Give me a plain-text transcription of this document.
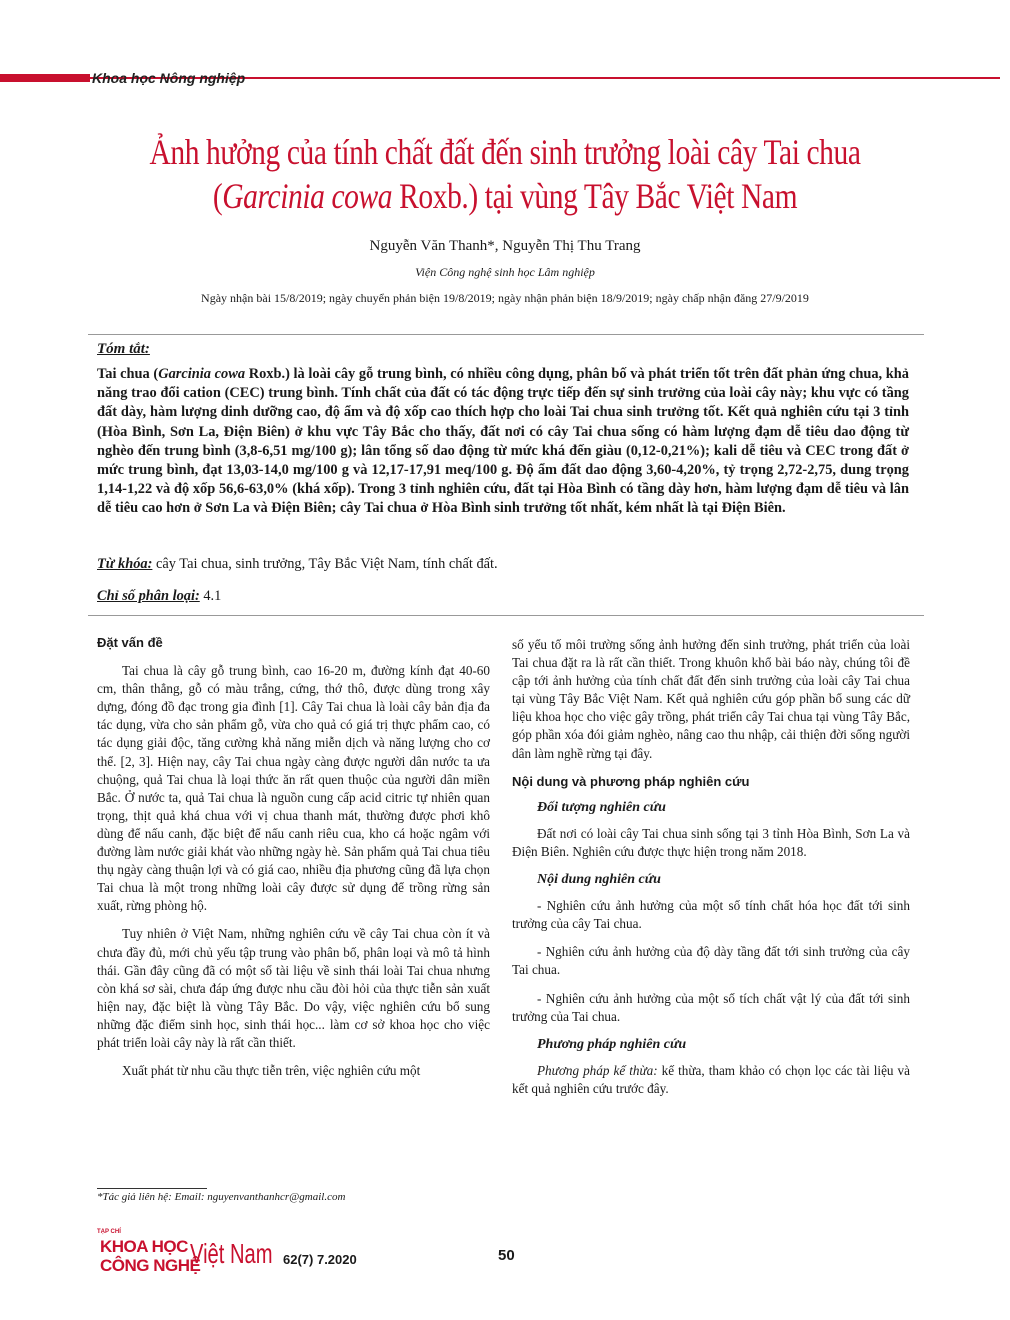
Khoa học Nông nghiệp
Ảnh hưởng của tính chất đất đến sinh trưởng loài cây Tai chua
(Garcinia cowa Roxb.) tại vùng Tây Bắc Việt Nam
Nguyễn Văn Thanh*, Nguyễn Thị Thu Trang
Viện Công nghệ sinh học Lâm nghiệp
Ngày nhận bài 15/8/2019; ngày chuyển phản biện 19/8/2019; ngày nhận phản biện 18/9/2019; ngày chấp nhận đăng 27/9/2019
Tóm tắt:
Tai chua (Garcinia cowa Roxb.) là loài cây gỗ trung bình, có nhiều công dụng, phân bố và phát triển tốt trên đất phản ứng chua, khả năng trao đổi cation (CEC) trung bình. Tính chất của đất có tác động trực tiếp đến sự sinh trưởng của loài cây này; khu vực có tầng đất dày, hàm lượng dinh dưỡng cao, độ ẩm và độ xốp cao thích hợp cho loài Tai chua sinh trưởng tốt. Kết quả nghiên cứu tại 3 tỉnh (Hòa Bình, Sơn La, Điện Biên) ở khu vực Tây Bắc cho thấy, đất nơi có cây Tai chua sống có hàm lượng đạm dễ tiêu dao động từ nghèo đến trung bình (3,8-6,51 mg/100 g); lân tổng số dao động từ mức khá đến giàu (0,12-0,21%); kali dễ tiêu và CEC trong đất ở mức trung bình, đạt 13,03-14,0 mg/100 g và 12,17-17,91 meq/100 g. Độ ẩm đất dao động 3,60-4,20%, tỷ trọng 2,72-2,75, dung trọng 1,14-1,22 và độ xốp 56,6-63,0% (khá xốp). Trong 3 tỉnh nghiên cứu, đất tại Hòa Bình có tầng dày hơn, hàm lượng đạm dễ tiêu và lân dễ tiêu cao hơn ở Sơn La và Điện Biên; cây Tai chua ở Hòa Bình sinh trưởng tốt nhất, kém nhất là tại Điện Biên.
Từ khóa: cây Tai chua, sinh trưởng, Tây Bắc Việt Nam, tính chất đất.
Chỉ số phân loại: 4.1
Đặt vấn đề

Tai chua là cây gỗ trung bình, cao 16-20 m, đường kính đạt 40-60 cm, thân thẳng, gỗ có màu trắng, cứng, thớ thô, được dùng trong xây dựng, đóng đồ đạc trong gia đình [1]. Cây Tai chua là loài cây bản địa đa tác dụng, vừa cho sản phẩm gỗ, vừa cho quả có giá trị thực phẩm cao, có tác dụng giải độc, tăng cường khả năng miễn dịch và năng lượng cho cơ thể. [2, 3]. Hiện nay, cây Tai chua ngày càng được người dân nước ta ưa chuộng, quả Tai chua là loại thức ăn rất quen thuộc của người dân miền Bắc. Ở nước ta, quả Tai chua là nguồn cung cấp acid citric tự nhiên quan trọng, thịt quả khá chua với vị chua thanh mát, thường được phơi khô dùng để nấu canh, đặc biệt để nấu canh riêu cua, kho cá hoặc ngâm với đường làm nước giải khát vào những ngày hè. Sản phẩm quả Tai chua tiêu thụ ngày càng thuận lợi và có giá cao, nhiều địa phương cũng đã lựa chọn Tai chua là một trong những loài cây được sử dụng để trồng rừng sản xuất, rừng phòng hộ.

Tuy nhiên ở Việt Nam, những nghiên cứu về cây Tai chua còn ít và chưa đầy đủ, mới chủ yếu tập trung vào phân bố, phân loại và mô tả hình thái. Gần đây cũng đã có một số tài liệu về sinh thái loài Tai chua nhưng còn khá sơ sài, chưa đáp ứng được nhu cầu đòi hỏi của thực tiễn sản xuất hiện nay, đặc biệt là vùng Tây Bắc. Do vậy, việc nghiên cứu bổ sung những đặc điểm sinh học, sinh thái học... làm cơ sở khoa học cho việc phát triển loài cây này là rất cần thiết.

Xuất phát từ nhu cầu thực tiễn trên, việc nghiên cứu một

số yếu tố môi trường sống ảnh hưởng đến sinh trưởng, phát triển của loài Tai chua đặt ra là rất cần thiết. Trong khuôn khổ bài báo này, chúng tôi đề cập tới ảnh hưởng của tính chất đất đến sinh trưởng của loài cây Tai chua tại vùng Tây Bắc Việt Nam. Kết quả nghiên cứu góp phần bổ sung các dữ liệu khoa học cho việc gây trồng, phát triển cây Tai chua tại vùng Tây Bắc, góp phần xóa đói giảm nghèo, nâng cao thu nhập, cải thiện đời sống người dân làm nghề rừng tại đây.

Nội dung và phương pháp nghiên cứu
Đối tượng nghiên cứu

Đất nơi có loài cây Tai chua sinh sống tại 3 tỉnh Hòa Bình, Sơn La và Điện Biên. Nghiên cứu được thực hiện trong năm 2018.

Nội dung nghiên cứu

- Nghiên cứu ảnh hưởng của một số tính chất hóa học đất tới sinh trưởng của cây Tai chua.

- Nghiên cứu ảnh hưởng của độ dày tầng đất tới sinh trưởng của cây Tai chua.

- Nghiên cứu ảnh hưởng của một số tích chất vật lý của đất tới sinh trưởng của Tai chua.

Phương pháp nghiên cứu

Phương pháp kế thừa: kế thừa, tham khảo có chọn lọc các tài liệu và kết quả nghiên cứu trước đây.

*Tác giả liên hệ: Email: nguyenvanthanhcr@gmail.com
TẠP CHÍ
KHOA HỌC
CÔNG NGHỆ
Việt Nam 62(7) 7.2020	50
